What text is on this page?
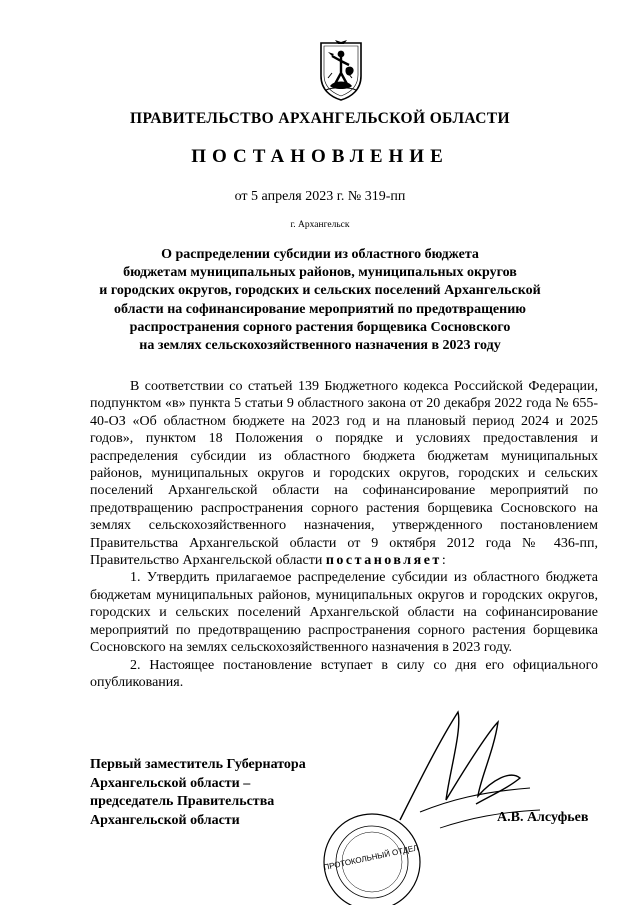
ПРАВИТЕЛЬСТВО АРХАНГЕЛЬСКОЙ ОБЛАСТИ
ПОСТАНОВЛЕНИЕ
от 5 апреля 2023 г. № 319-пп
г. Архангельск
О распределении субсидии из областного бюджета
бюджетам муниципальных районов, муниципальных округов
и городских округов, городских и сельских поселений Архангельской
области на софинансирование мероприятий по предотвращению
распространения сорного растения борщевика Сосновского
на землях сельскохозяйственного назначения в 2023 году

В соответствии со статьей 139 Бюджетного кодекса Российской Федерации, подпунктом «в» пункта 5 статьи 9 областного закона от 20 декабря 2022 года № 655-40-ОЗ «Об областном бюджете на 2023 год и на плановый период 2024 и 2025 годов», пунктом 18 Положения о порядке и условиях предоставления и распределения субсидии из областного бюджета бюджетам муниципальных районов, муниципальных округов и городских округов, городских и сельских поселений Архангельской области на софинансирование мероприятий по предотвращению распространения сорного растения борщевика Сосновского на землях сельскохозяйственного назначения, утвержденного постановлением Правительства Архангельской области от 9 октября 2012 года № 436-пп, Правительство Архангельской области постановляет:

1. Утвердить прилагаемое распределение субсидии из областного бюджета бюджетам муниципальных районов, муниципальных округов и городских округов, городских и сельских поселений Архангельской области на софинансирование мероприятий по предотвращению распространения сорного растения борщевика Сосновского на землях сельскохозяйственного назначения в 2023 году.

2. Настоящее постановление вступает в силу со дня его официального опубликования.

ПРОТОКОЛЬНЫЙ ОТДЕЛ
Первый заместитель Губернатора
Архангельской области –
председатель Правительства
Архангельской области	А.В. Алсуфьев
